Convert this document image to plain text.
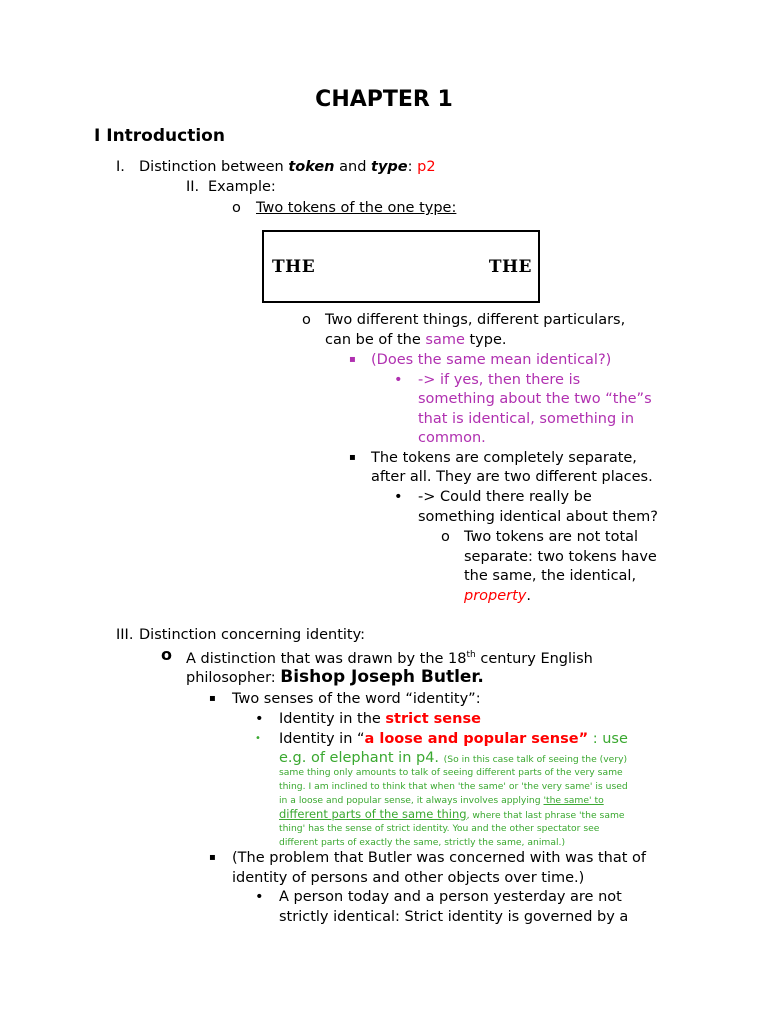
CHAPTER 1
I Introduction
I. Distinction between token and type: p2
II. Example:
o Two tokens of the one type:
THE	THE
o Two different things, different particulars,
can be of the same type.
▪ (Does the same mean identical?)
• -> if yes, then there is
something about the two “the”s
that is identical, something in
common.
▪ The tokens are completely separate,
after all. They are two different places.
• -> Could there really be
something identical about them?
o Two tokens are not total
separate: two tokens have
the same, the identical,
property.
III. Distinction concerning identity:
o A distinction that was drawn by the 18th century English
philosopher: Bishop Joseph Butler.
▪ Two senses of the word “identity”:
• Identity in the strict sense
• Identity in “a loose and popular sense” : use
e.g. of elephant in p4. (So in this case talk of seeing the (very)
same thing only amounts to talk of seeing different parts of the very same
thing. I am inclined to think that when 'the same' or 'the very same' is used
in a loose and popular sense, it always involves applying 'the same' to
different parts of the same thing, where that last phrase 'the same
thing' has the sense of strict identity. You and the other spectator see
different parts of exactly the same, strictly the same, animal.)
▪ (The problem that Butler was concerned with was that of
identity of persons and other objects over time.)
• A person today and a person yesterday are not
strictly identical: Strict identity is governed by a
